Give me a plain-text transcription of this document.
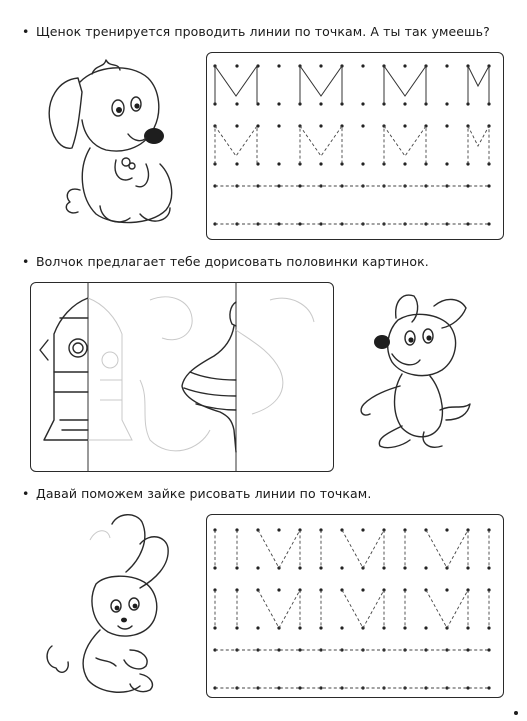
• Щенок тренируется проводить линии по точкам. А ты так умеешь?
• Волчок предлагает тебе дорисовать половинки картинок.
• Давай поможем зайке рисовать линии по точкам.
